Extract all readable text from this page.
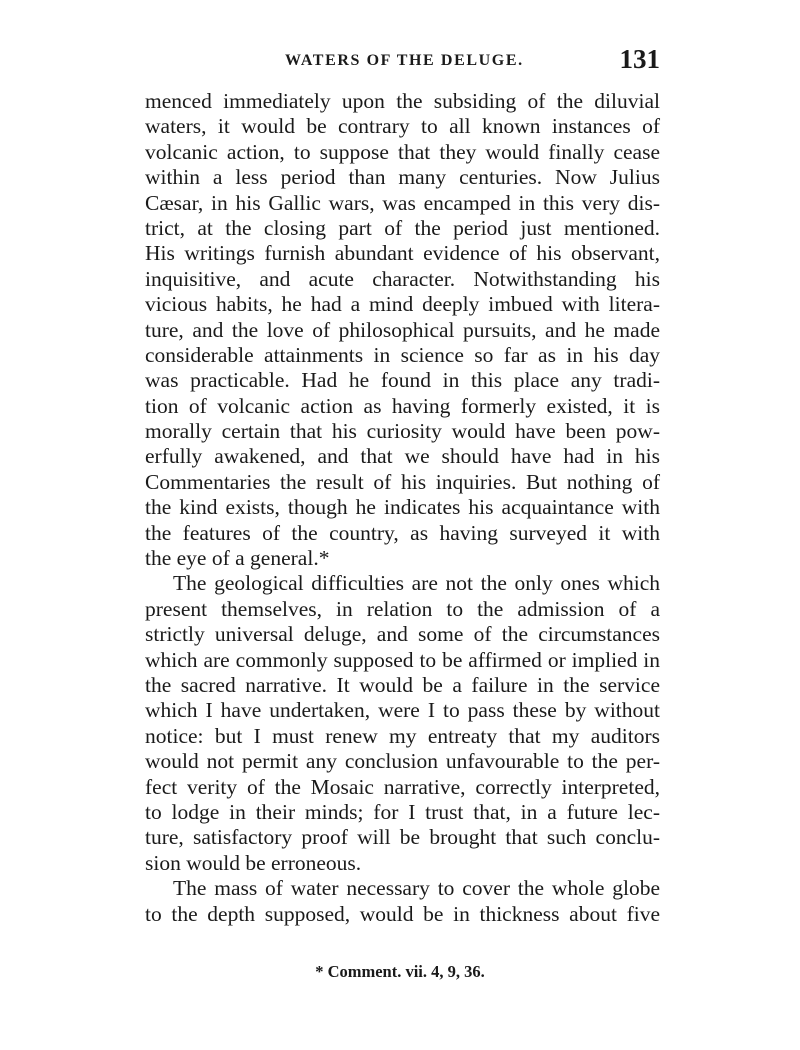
WATERS OF THE DELUGE.	131
menced immediately upon the subsiding of the diluvial
waters, it would be contrary to all known instances of
volcanic action, to suppose that they would finally cease
within a less period than many centuries. Now Julius
Cæsar, in his Gallic wars, was encamped in this very dis-
trict, at the closing part of the period just mentioned.
His writings furnish abundant evidence of his observant,
inquisitive, and acute character. Notwithstanding his
vicious habits, he had a mind deeply imbued with litera-
ture, and the love of philosophical pursuits, and he made
considerable attainments in science so far as in his day
was practicable. Had he found in this place any tradi-
tion of volcanic action as having formerly existed, it is
morally certain that his curiosity would have been pow-
erfully awakened, and that we should have had in his
Commentaries the result of his inquiries. But nothing of
the kind exists, though he indicates his acquaintance with
the features of the country, as having surveyed it with
the eye of a general.*
The geological difficulties are not the only ones which
present themselves, in relation to the admission of a
strictly universal deluge, and some of the circumstances
which are commonly supposed to be affirmed or implied in
the sacred narrative. It would be a failure in the service
which I have undertaken, were I to pass these by without
notice: but I must renew my entreaty that my auditors
would not permit any conclusion unfavourable to the per-
fect verity of the Mosaic narrative, correctly interpreted,
to lodge in their minds; for I trust that, in a future lec-
ture, satisfactory proof will be brought that such conclu-
sion would be erroneous.
The mass of water necessary to cover the whole globe
to the depth supposed, would be in thickness about five
* Comment. vii. 4, 9, 36.
